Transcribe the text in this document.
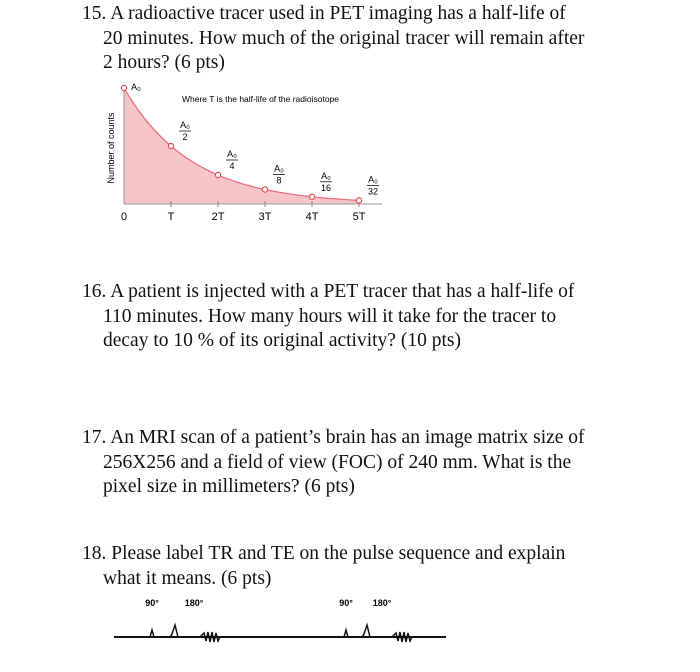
15. A radioactive tracer used in PET imaging has a half-life of
20 minutes. How much of the original tracer will remain after
2 hours? (6 pts)
Number of counts
Where T is the half-life of the radioisotope
0
A₀
T
A₀
2
2T
A₀
4
3T
A₀
8
4T
A₀
16
5T
A₀
32
16. A patient is injected with a PET tracer that has a half-life of
110 minutes. How many hours will it take for the tracer to
decay to 10 % of its original activity? (10 pts)
17. An MRI scan of a patient’s brain has an image matrix size of
256X256 and a field of view (FOC) of 240 mm. What is the
pixel size in millimeters? (6 pts)
18. Please label TR and TE on the pulse sequence and explain
what it means. (6 pts)
90°	180°	90° 180°
